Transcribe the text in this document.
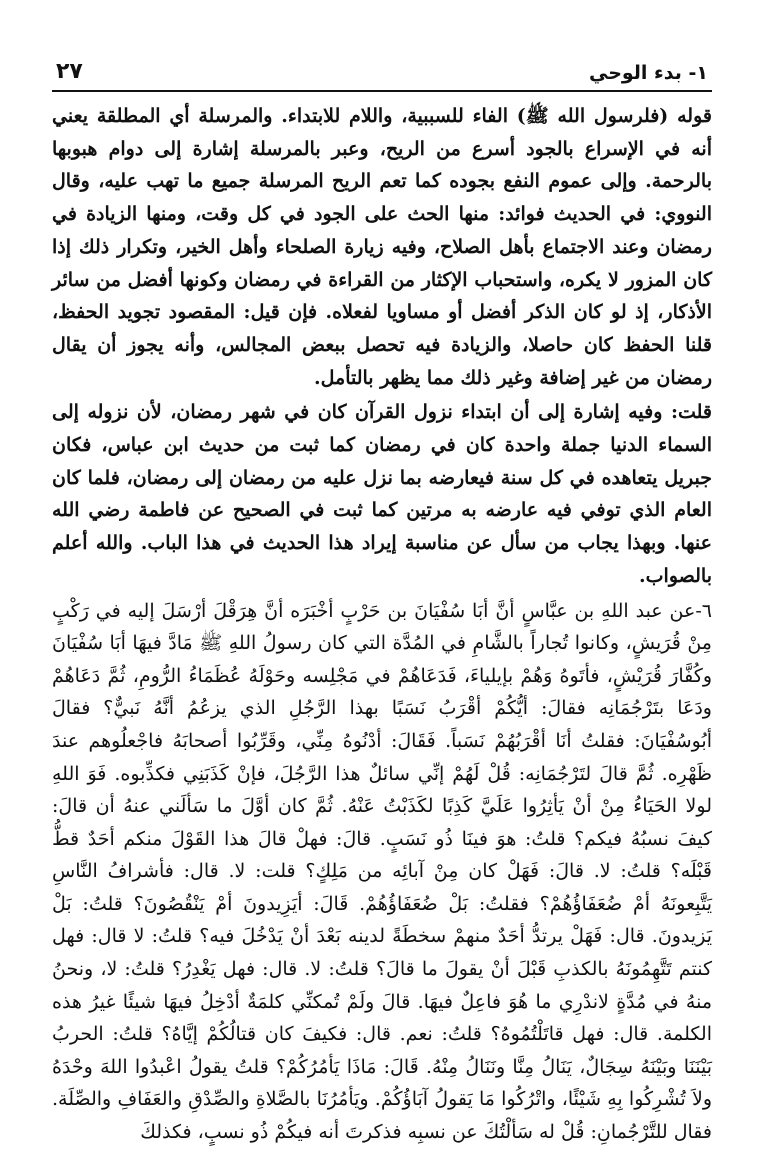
١- بدء الوحي
٢٧

قوله (فلرسول الله ﷺ) الفاء للسببية، واللام للابتداء. والمرسلة أي المطلقة يعني أنه في الإسراع بالجود أسرع من الريح، وعبر بالمرسلة إشارة إلى دوام هبوبها بالرحمة. وإلى عموم النفع بجوده كما تعم الريح المرسلة جميع ما تهب عليه، وقال النووي: في الحديث فوائد: منها الحث على الجود في كل وقت، ومنها الزيادة في رمضان وعند الاجتماع بأهل الصلاح، وفيه زيارة الصلحاء وأهل الخير، وتكرار ذلك إذا كان المزور لا يكره، واستحباب الإكثار من القراءة في رمضان وكونها أفضل من سائر الأذكار، إذ لو كان الذكر أفضل أو مساويا لفعلاه. فإن قيل: المقصود تجويد الحفظ، قلنا الحفظ كان حاصلا، والزيادة فيه تحصل ببعض المجالس، وأنه يجوز أن يقال رمضان من غير إضافة وغير ذلك مما يظهر بالتأمل.

قلت: وفيه إشارة إلى أن ابتداء نزول القرآن كان في شهر رمضان، لأن نزوله إلى السماء الدنيا جملة واحدة كان في رمضان كما ثبت من حديث ابن عباس، فكان جبريل يتعاهده في كل سنة فيعارضه بما نزل عليه من رمضان إلى رمضان، فلما كان العام الذي توفي فيه عارضه به مرتين كما ثبت في الصحيح عن فاطمة رضي الله عنها. وبهذا يجاب من سأل عن مناسبة إيراد هذا الحديث في هذا الباب. والله أعلم بالصواب.

٦-عن عبد اللهِ بن عبَّاسٍ أنَّ أبَا سُفْيَانَ بن حَرْبٍ أخْبَرَه أنَّ هِرَقْلَ أرْسَلَ إليه في رَكْبٍ مِنْ قُرَيشٍ، وكانوا تُجاراً بالشَّامِ في المُدَّة التي كان رسولُ اللهِ ﷺ مَادَّ فيهَا أبَا سُفْيَانَ وكُفَّارَ قُرَيْشٍ، فأتَوهُ وَهُمْ بإيلياءَ، فَدَعَاهُمْ في مَجْلِسه وحَوْلَهُ عُظَمَاءُ الرُّومِ، ثُمَّ دَعَاهُمْ ودَعَا بتَرْجُمَانِه فقالَ: أيُّكُمْ أقْرَبُ نَسَبًا بهذا الرَّجُلِ الذي يزعُمُ أنَّهُ نَبيٌّ؟ فقالَ أبُوسُفْيَانَ: فقلتُ أنَا أقْرَبُهُمْ نَسَباً. فَقَالَ: أدْنُوهُ مِنِّي، وقَرِّبُوا أصحابَهُ فاجْعلُوهم عندَ ظَهْرِه. ثُمَّ قالَ لتَرْجُمَانِه: قُلْ لَهُمْ إنِّي سائلٌ هذا الرَّجُلَ، فإنْ كَذَبَنِي فكذِّبوه. فَوَ اللهِ لولا الحَيَاءُ مِنْ أنْ يَأثِرُوا عَلَيَّ كَذِبًا لكَذَبْتُ عَنْهُ. ثُمَّ كان أوَّلَ ما سَألَني عنهُ أن قالَ: كيفَ نسبُهُ فيكم؟ قلتُ: هوَ فينَا ذُو نَسَبٍ. قالَ: فهلْ قالَ هذا القَوْلَ منكم أحَدٌ قطُّ قَبْلَه؟ قلتُ: لا. قالَ: فَهَلْ كان مِنْ آبائِه من مَلِكٍ؟ قلت: لا. قال: فأشرافُ النَّاسِ يَتَّبِعونَهُ أمْ ضُعَفَاؤُهُمْ؟ فقلتُ: بَلْ ضُعَفَاؤُهُمْ. قَالَ: أيَزِيدونَ أمْ يَنْقُصُونَ؟ قلتُ: بَلْ يَزيدونَ. قال: فَهَلْ يرتدُّ أحَدٌ منهمْ سخطَةً لدينه بَعْدَ أنْ يَدْخُلَ فيه؟ قلتُ: لا قال: فهل كنتم تَتَّهِمُونَهُ بالكذبِ قَبْلَ أنْ يقولَ ما قالَ؟ قلتُ: لا. قال: فهل يَغْدِرُ؟ قلتُ: لا، ونحنُ منهُ في مُدَّةٍ لاندْرِي ما هُوَ فاعِلٌ فيهَا. قالَ ولَمْ تُمكنِّي كلمَةٌ أدْخِلُ فيهَا شيئًا غيرُ هذه الكلمة. قال: فهل قاتَلْتُمُوهُ؟ قلتُ: نعم. قال: فكيفَ كان قتالُكُمْ إيَّاهُ؟ قلتُ: الحربُ بَيْنَنَا وبَيْنَهُ سِجَالٌ، يَنَالُ مِنَّا ونَنَالُ مِنْهُ. قَالَ: مَاذَا يَأمُرُكُمْ؟ قلتُ يقولُ اعْبدُوا اللهَ وحْدَهُ ولاَ تُشْرِكُوا بِهِ شَيْئًا، واتْرُكُوا مَا يَقولُ آبَاؤُكُمْ. ويَأمُرُنَا بالصَّلاةِ والصِّدْقِ والعَفَافِ والصِّلَة. فقال للتَّرْجُمانِ: قُلْ له سَألْتُكَ عن نسبِه فذكرتَ أنه فيكُمْ ذُو نسبٍ، فكذلكَ
